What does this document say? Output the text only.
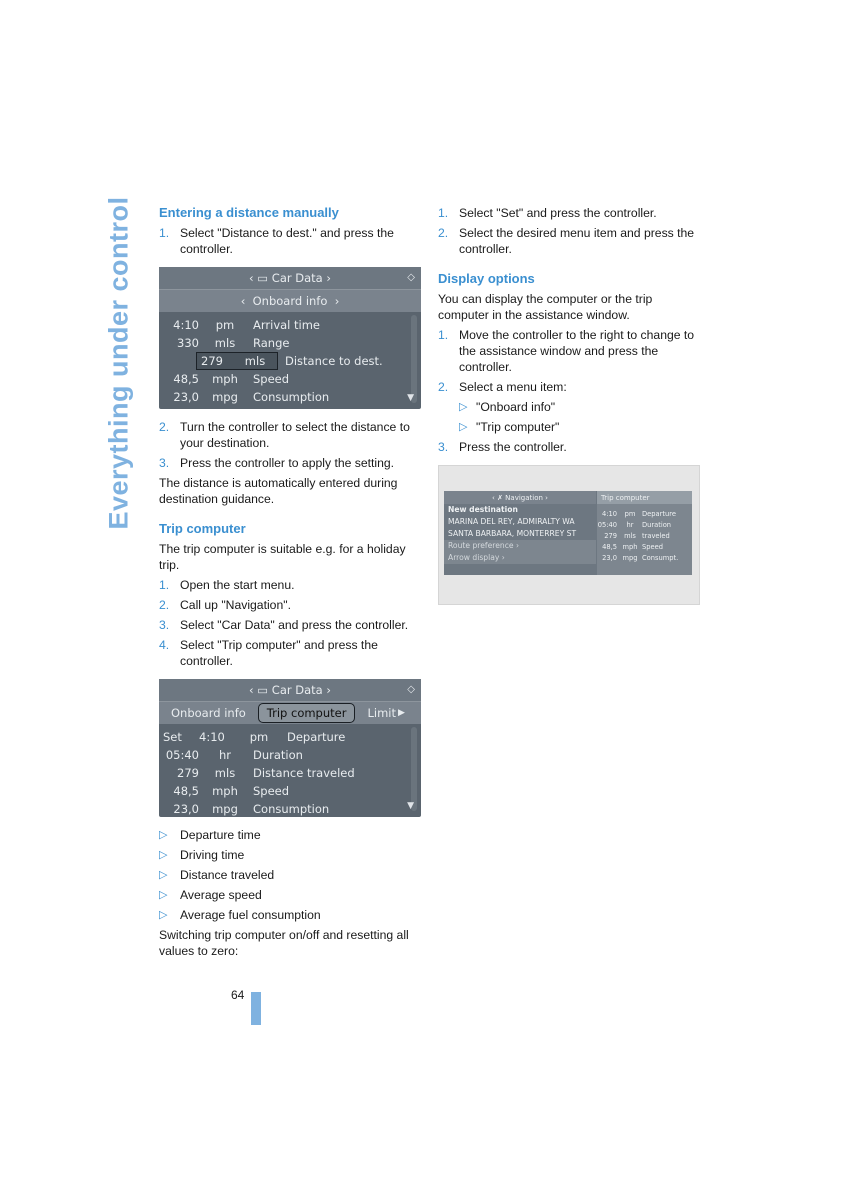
Everything under control Entering a distance manually
1. Select "Distance to dest." and press the controller.
‹ ▭
Car Data ›	◇
‹ Onboard info ›
4:10	pm	Arrival time
330	mls	Range
279	mls	Distance to dest.
48,5	mph	Speed
23,0	mpg	Consumption	▼
2. Turn the controller to select the distance to your destination.
3. Press the controller to apply the setting.

The distance is automatically entered during destination guidance.

Trip computer

The trip computer is suitable e.g. for a holiday trip.

1. Open the start menu.
2. Call up "Navigation".
3. Select "Car Data" and press the controller.
4. Select "Trip computer" and press the controller.
‹ ▭
Car Data ›	◇
Onboard info	Trip computer	Limit ▶
Set	4:10	pm	Departure
05:40	hr	Duration
279	mls	Distance traveled
48,5	mph	Speed
23,0	mpg	Consumption	▼
▷	Departure time
▷	Driving time
▷	Distance traveled
▷	Average speed
▷	Average fuel consumption

Switching trip computer on/off and resetting all values to zero:

1. Select "Set" and press the controller.
2. Select the desired menu item and press the controller.
Display options

You can display the computer or the trip computer in the assistance window.

1. Move the controller to the right to change to the assistance window and press the controller.
2. Select a menu item:
▷ "Onboard info"
▷ "Trip computer"
3. Press the controller.
‹ ✗
Navigation ›
New destination
MARINA DEL REY, ADMIRALTY WA
SANTA BARBARA, MONTERREY ST
Route preference ›
Arrow display ›
Trip computer
4:10	pm Departure
05:40	hr	Duration
279	mls traveled
48,5 mph Speed
23,0 mpg Consumpt.
64
